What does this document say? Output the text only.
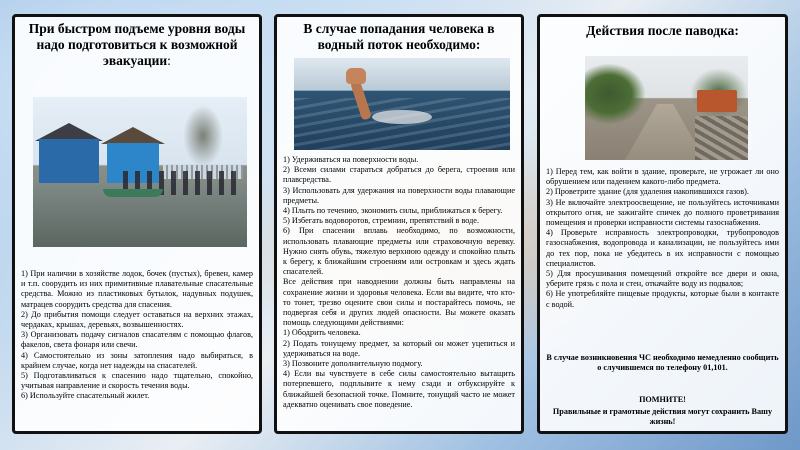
При быстром подъеме уровня воды надо подготовиться к возможной эвакуации:

1) При наличии в хозяйстве лодок, бочек (пустых), бревен, камер и т.п. соорудить из них примитивные плавательные спасательные средства. Можно из пластиковых бутылок, надувных подушек, матрацев соорудить средства для спасения.

2) До прибытия помощи следует оставаться на верхних этажах, чердаках, крышах, деревьях, возвышенностях.

3) Организовать подачу сигналов спасателям с помощью флагов, факелов, света фонаря или свечи.

4) Самостоятельно из зоны затопления надо выбираться, в крайнем случае, когда нет надежды на спасателей.

5) Подготавливаться к спасению надо тщательно, спокойно, учитывая направление и скорость течения воды.

6) Используйте спасательный жилет.

В случае попадания человека в водный поток необходимо:

1) Удерживаться на поверхности воды.

2) Всеми силами стараться добраться до берега, строения или плавсредства.

3) Использовать для удержания на поверхности воды плавающие предметы.

4) Плыть по течению, экономить силы, приближаться к берегу.

5) Избегать водоворотов, стремнин, препятствий в воде.

6) При спасении вплавь необходимо, по возможности, использовать плавающие предметы или страховочную веревку. Нужно снять обувь, тяжелую верхнюю одежду и спокойно плыть к берегу, к ближайшим строениям или островкам и здесь ждать спасателей.

Все действия при наводнении должны быть направлены на сохранение жизни и здоровья человека. Если вы видите, что кто-то тонет, трезво оцените свои силы и постарайтесь помочь, не подвергая себя и других людей опасности. Вы можете оказать помощь следующими действиями:

1) Ободрить человека.

2) Подать тонущему предмет, за который он может уцепиться и удерживаться на воде.

3) Позвоните дополнительную подмогу.

4) Если вы чувствуете в себе силы самостоятельно вытащить потерпевшего, подплывите к нему сзади и отбуксируйте к ближайшей безопасной точке. Помните, тонущий часто не может адекватно оценивать свое поведение.

Действия после паводка:

1) Перед тем, как войти в здание, проверьте, не угрожает ли оно обрушением или падением какого-либо предмета.

2) Проветрите здание (для удаления накопившихся газов).

3) Не включайте электроосвещение, не пользуйтесь источниками открытого огня, не зажигайте спичек до полного проветривания помещения и проверки исправности системы газоснабжения.

4) Проверьте исправность электропроводки, трубопроводов газоснабжения, водопровода и канализации, не пользуйтесь ими до тех пор, пока не убедитесь в их исправности с помощью специалистов.

5) Для просушивания помещений откройте все двери и окна, уберите грязь с пола и стен, откачайте воду из подвалов;

6) Не употребляйте пищевые продукты, которые были в контакте с водой.

В случае возникновения ЧС необходимо немедленно сообщить о случившемся по телефону 01,101.
ПОМНИТЕ!
Правильные и грамотные действия могут сохранить Вашу жизнь!
